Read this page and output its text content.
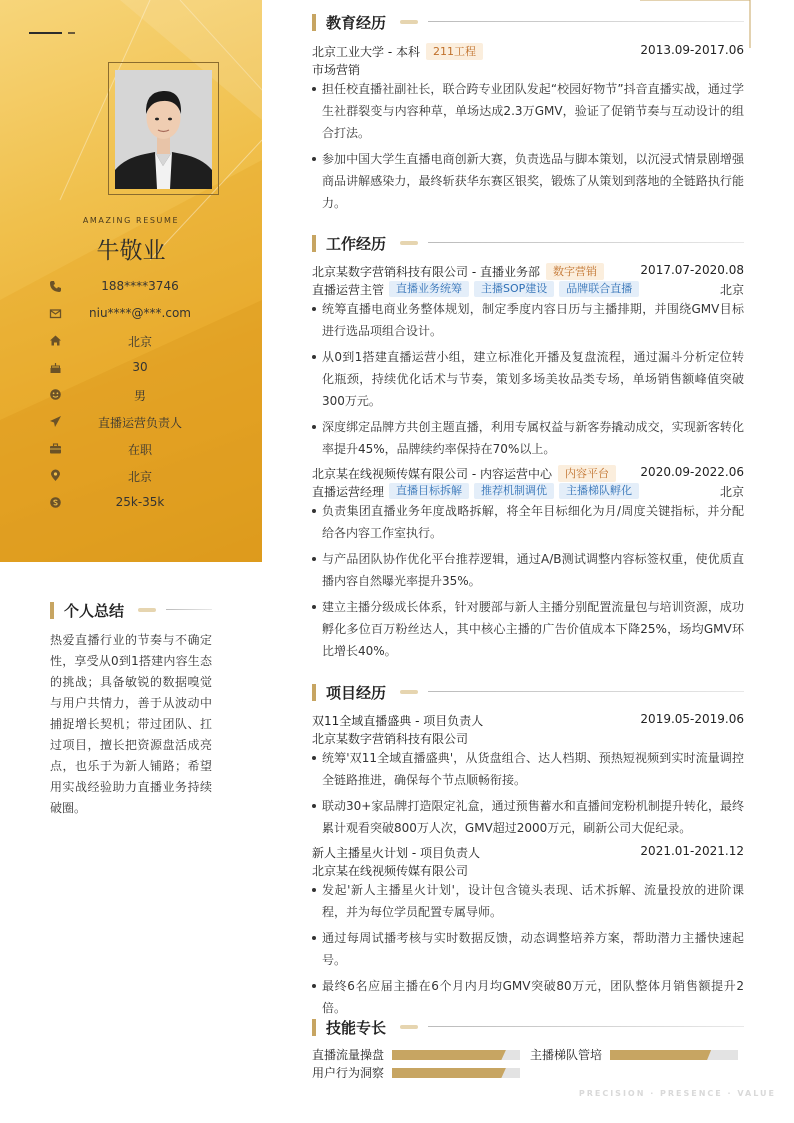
AMAZING RESUME
牛敬业
188****3746
niu****@***.com
北京
30
男
直播运营负责人
在职
北京
25k-35k
个人总结
热爱直播行业的节奏与不确定性，享受从0到1搭建内容生态的挑战；具备敏锐的数据嗅觉与用户共情力，善于从波动中捕捉增长契机；带过团队、扛过项目，擅长把资源盘活成亮点，也乐于为新人铺路；希望用实战经验助力直播业务持续破圈。
教育经历
北京工业大学 - 本科 211工程	2013.09-2017.06
市场营销
担任校直播社副社长，联合跨专业团队发起“校园好物节”抖音直播实战，通过学生社群裂变与内容种草，单场达成2.3万GMV，验证了促销节奏与互动设计的组合打法。
参加中国大学生直播电商创新大赛，负责选品与脚本策划，以沉浸式情景剧增强商品讲解感染力，最终斩获华东赛区银奖，锻炼了从策划到落地的全链路执行能力。
工作经历
北京某数字营销科技有限公司 - 直播业务部 数字营销	2017.07-2020.08
直播运营主管 直播业务统筹 主播SOP建设 品牌联合直播	北京
统筹直播电商业务整体规划，制定季度内容日历与主播排期，并围绕GMV目标进行选品项组合设计。
从0到1搭建直播运营小组，建立标准化开播及复盘流程，通过漏斗分析定位转化瓶颈，持续优化话术与节奏，策划多场美妆品类专场，单场销售额峰值突破300万元。
深度绑定品牌方共创主题直播，利用专属权益与新客券撬动成交，实现新客转化率提升45%，品牌续约率保持在70%以上。
北京某在线视频传媒有限公司 - 内容运营中心 内容平台	2020.09-2022.06
直播运营经理 直播目标拆解 推荐机制调优 主播梯队孵化	北京
负责集团直播业务年度战略拆解，将全年目标细化为月/周度关键指标，并分配给各内容工作室执行。
与产品团队协作优化平台推荐逻辑，通过A/B测试调整内容标签权重，使优质直播内容自然曝光率提升35%。
建立主播分级成长体系，针对腰部与新人主播分别配置流量包与培训资源，成功孵化多位百万粉丝达人，其中核心主播的广告价值成本下降25%，场均GMV环比增长40%。
项目经历
双11全域直播盛典 - 项目负责人	2019.05-2019.06
北京某数字营销科技有限公司
统筹'双11全域直播盛典'，从货盘组合、达人档期、预热短视频到实时流量调控全链路推进，确保每个节点顺畅衔接。
联动30+家品牌打造限定礼盒，通过预售蓄水和直播间宠粉机制提升转化，最终累计观看突破800万人次，GMV超过2000万元，刷新公司大促纪录。
新人主播星火计划 - 项目负责人	2021.01-2021.12
北京某在线视频传媒有限公司
发起'新人主播星火计划'，设计包含镜头表现、话术拆解、流量投放的进阶课程，并为每位学员配置专属导师。
通过每周试播考核与实时数据反馈，动态调整培养方案，帮助潜力主播快速起号。
最终6名应届主播在6个月内月均GMV突破80万元，团队整体月销售额提升2倍。
技能专长
直播流量操盘	主播梯队管培
用户行为洞察
PRECISION · PRESENCE · VALUE
